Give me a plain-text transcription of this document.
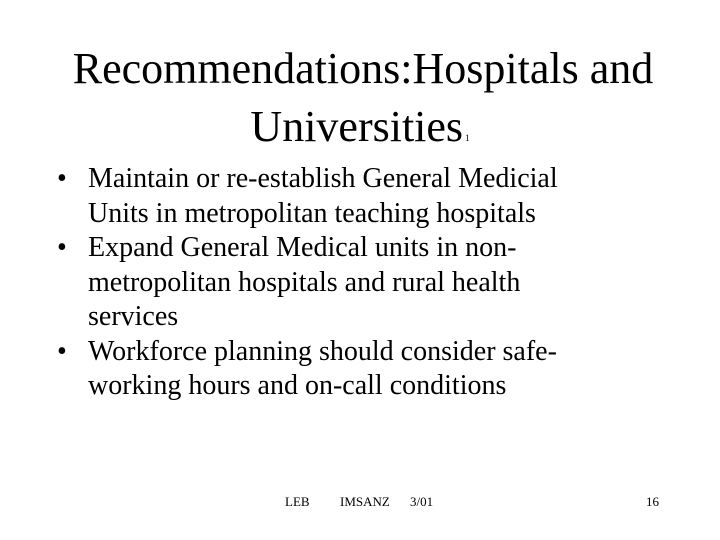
Recommendations:Hospitals and
Universities 1
• Maintain or re-establish General Medicial
Units in metropolitan teaching hospitals
• Expand General Medical units in non-
metropolitan hospitals and rural health
services
• Workforce planning should consider safe-
working hours and on-call conditions
LEB IMSANZ 3/01	16
